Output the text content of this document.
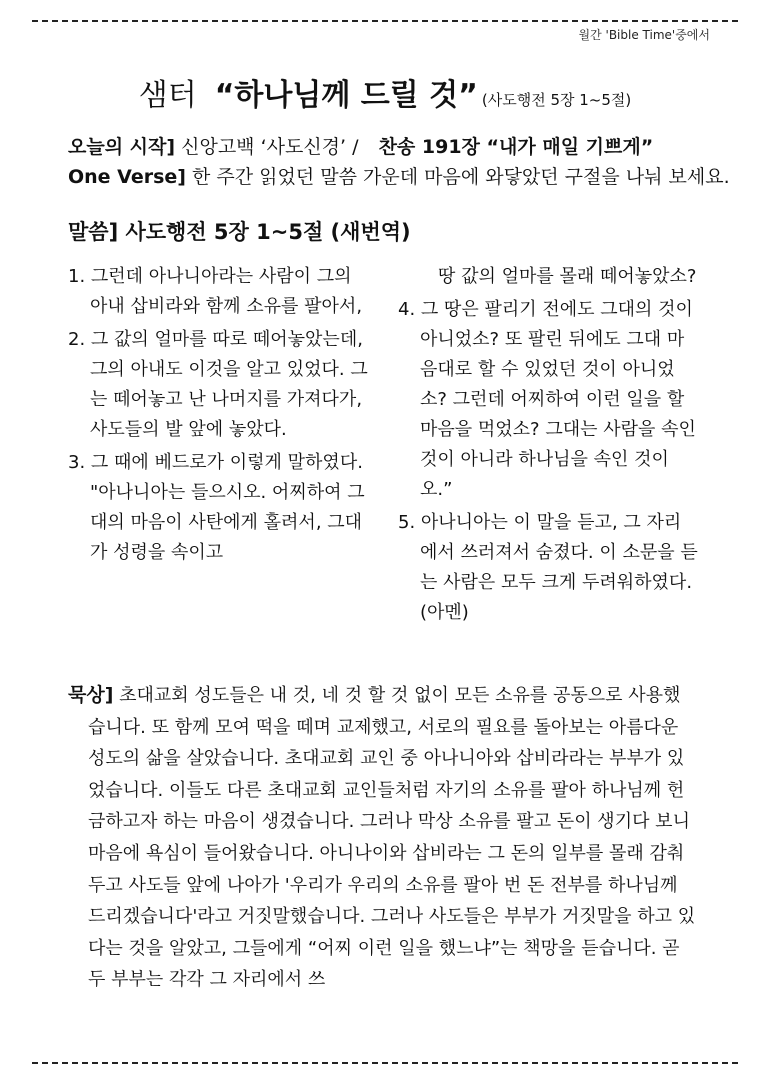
월간 'Bible Time'중에서
샘터 “하나님께 드릴 것” (사도행전 5장 1~5절)
오늘의 시작] 신앙고백 ‘사도신경’ / 찬송 191장 “내가 매일 기쁘게”
One Verse] 한 주간 읽었던 말씀 가운데 마음에 와닿았던 구절을 나눠 보세요.
말씀] 사도행전 5장 1~5절 (새번역)

1. 그런데 아나니아라는 사람이 그의 아내 삽비라와 함께 소유를 팔아서,

2. 그 값의 얼마를 따로 떼어놓았는데, 그의 아내도 이것을 알고 있었다. 그는 떼어놓고 난 나머지를 가져다가, 사도들의 발 앞에 놓았다.

3. 그 때에 베드로가 이렇게 말하였다. "아나니아는 들으시오. 어찌하여 그대의 마음이 사탄에게 홀려서, 그대가 성령을 속이고

땅 값의 얼마를 몰래 떼어놓았소?

4. 그 땅은 팔리기 전에도 그대의 것이 아니었소? 또 팔린 뒤에도 그대 마음대로 할 수 있었던 것이 아니었소? 그런데 어찌하여 이런 일을 할 마음을 먹었소? 그대는 사람을 속인 것이 아니라 하나님을 속인 것이오.”

5. 아나니아는 이 말을 듣고, 그 자리에서 쓰러져서 숨졌다. 이 소문을 듣는 사람은 모두 크게 두려워하였다. (아멘)

묵상] 초대교회 성도들은 내 것, 네 것 할 것 없이 모든 소유를 공동으로 사용했습니다. 또 함께 모여 떡을 떼며 교제했고, 서로의 필요를 돌아보는 아름다운 성도의 삶을 살았습니다. 초대교회 교인 중 아나니아와 삽비라라는 부부가 있었습니다. 이들도 다른 초대교회 교인들처럼 자기의 소유를 팔아 하나님께 헌금하고자 하는 마음이 생겼습니다. 그러나 막상 소유를 팔고 돈이 생기다 보니 마음에 욕심이 들어왔습니다. 아니나이와 삽비라는 그 돈의 일부를 몰래 감춰두고 사도들 앞에 나아가 '우리가 우리의 소유를 팔아 번 돈 전부를 하나님께 드리겠습니다'라고 거짓말했습니다. 그러나 사도들은 부부가 거짓말을 하고 있다는 것을 알았고, 그들에게 “어찌 이런 일을 했느냐”는 책망을 듣습니다. 곧 두 부부는 각각 그 자리에서 쓰
